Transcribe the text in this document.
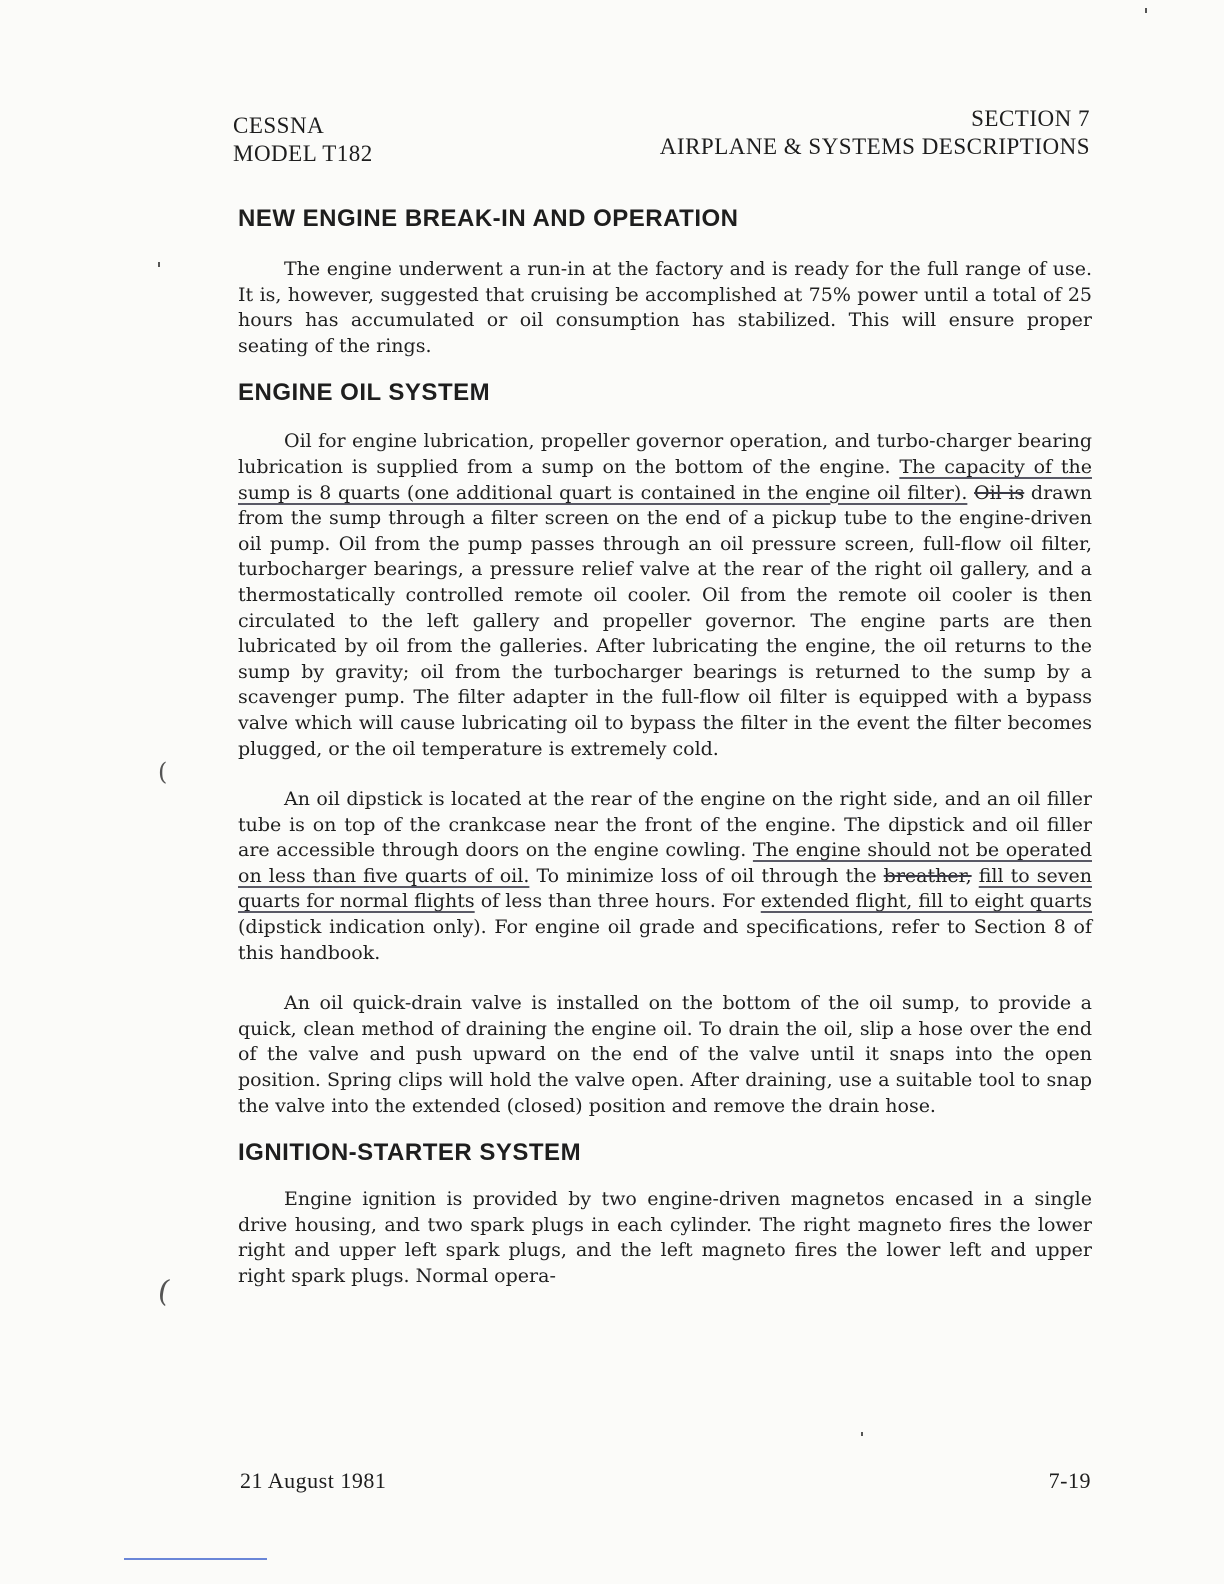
CESSNA
MODEL T182
SECTION 7
AIRPLANE & SYSTEMS DESCRIPTIONS
NEW ENGINE BREAK-IN AND OPERATION

The engine underwent a run-in at the factory and is ready for the full range of use. It is, however, suggested that cruising be accomplished at 75% power until a total of 25 hours has accumulated or oil consumption has stabilized. This will ensure proper seating of the rings.

ENGINE OIL SYSTEM

Oil for engine lubrication, propeller governor operation, and turbo-charger bearing lubrication is supplied from a sump on the bottom of the engine. The capacity of the sump is 8 quarts (one additional quart is contained in the engine oil filter). Oil is drawn from the sump through a filter screen on the end of a pickup tube to the engine-driven oil pump. Oil from the pump passes through an oil pressure screen, full-flow oil filter, turbocharger bearings, a pressure relief valve at the rear of the right oil gallery, and a thermostatically controlled remote oil cooler. Oil from the remote oil cooler is then circulated to the left gallery and propeller governor. The engine parts are then lubricated by oil from the galleries. After lubricating the engine, the oil returns to the sump by gravity; oil from the turbocharger bearings is returned to the sump by a scavenger pump. The filter adapter in the full-flow oil filter is equipped with a bypass valve which will cause lubricating oil to bypass the filter in the event the filter becomes plugged, or the oil temperature is extremely cold.

An oil dipstick is located at the rear of the engine on the right side, and an oil filler tube is on top of the crankcase near the front of the engine. The dipstick and oil filler are accessible through doors on the engine cowling. The engine should not be operated on less than five quarts of oil. To minimize loss of oil through the breather, fill to seven quarts for normal flights of less than three hours. For extended flight, fill to eight quarts (dipstick indication only). For engine oil grade and specifications, refer to Section 8 of this handbook.

An oil quick-drain valve is installed on the bottom of the oil sump, to provide a quick, clean method of draining the engine oil. To drain the oil, slip a hose over the end of the valve and push upward on the end of the valve until it snaps into the open position. Spring clips will hold the valve open. After draining, use a suitable tool to snap the valve into the extended (closed) position and remove the drain hose.

IGNITION-STARTER SYSTEM

Engine ignition is provided by two engine-driven magnetos encased in a single drive housing, and two spark plugs in each cylinder. The right magneto fires the lower right and upper left spark plugs, and the left magneto fires the lower left and upper right spark plugs. Normal opera-

21 August 1981	7-19
(
(
